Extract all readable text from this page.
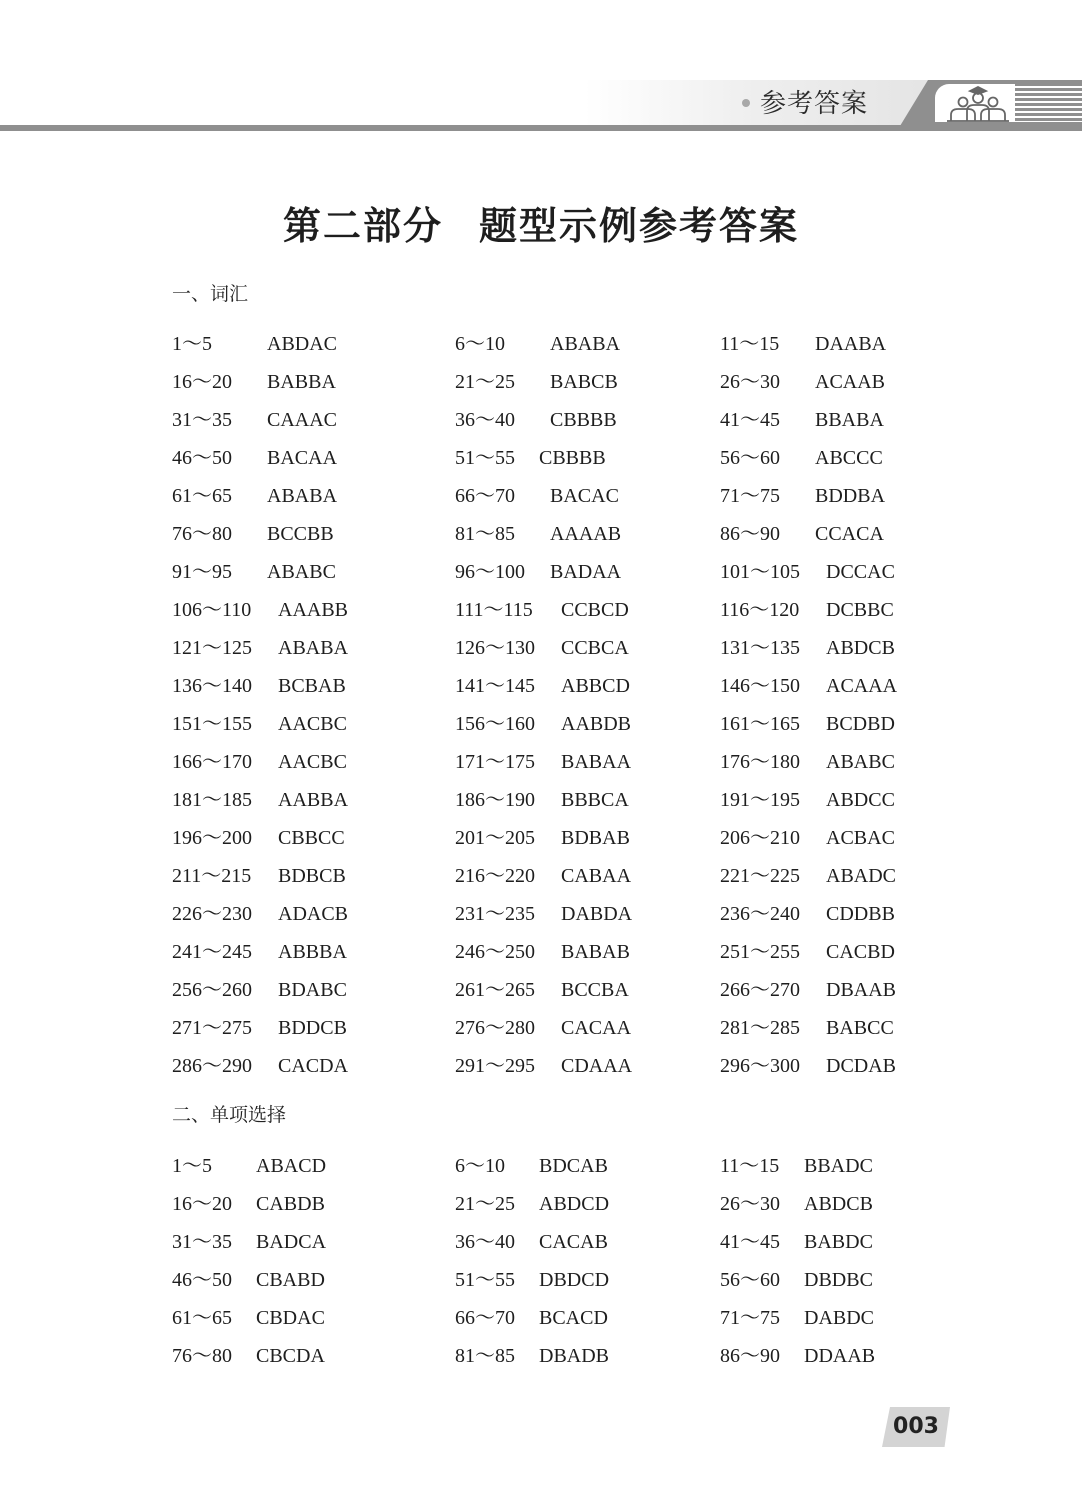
参考答案
第二部分 题型示例参考答案
一、词汇
1～5	ABDAC	6～10 ABABA	11～15 DAABA
16～20 BABBA	21～25 BABCB	26～30 ACAAB
31～35 CAAAC	36～40 CBBBB	41～45 BBABA
46～50 BACAA	51～55 CBBBB	56～60 ABCCC
61～65 ABABA	66～70 BACAC	71～75 BDDBA
76～80 BCCBB	81～85 AAAAB	86～90 CCACA
91～95 ABABC	96～100 BADAA	101～105 DCCAC
106～110 AAABB	111～115 CCBCD	116～120 DCBBC
121～125 ABABA	126～130 CCBCA	131～135 ABDCB
136～140 BCBAB	141～145 ABBCD	146～150 ACAAA
151～155 AACBC	156～160 AABDB	161～165 BCDBD
166～170 AACBC	171～175 BABAA	176～180 ABABC
181～185 AABBA	186～190 BBBCA	191～195 ABDCC
196～200 CBBCC	201～205 BDBAB	206～210 ACBAC
211～215 BDBCB	216～220 CABAA	221～225 ABADC
226～230 ADACB	231～235 DABDA	236～240 CDDBB
241～245 ABBBA	246～250 BABAB	251～255 CACBD
256～260 BDABC	261～265 BCCBA	266～270 DBAAB
271～275 BDDCB	276～280 CACAA	281～285 BABCC
286～290 CACDA	291～295 CDAAA	296～300 DCDAB
二、单项选择
1～5 ABACD	6～10 BDCAB	11～15 BBADC
16～20 CABDB	21～25 ABDCD	26～30 ABDCB
31～35 BADCA	36～40 CACAB	41～45 BABDC
46～50 CBABD	51～55 DBDCD	56～60 DBDBC
61～65 CBDAC	66～70 BCACD	71～75 DABDC
76～80 CBCDA	81～85 DBADB	86～90 DDAAB
003
